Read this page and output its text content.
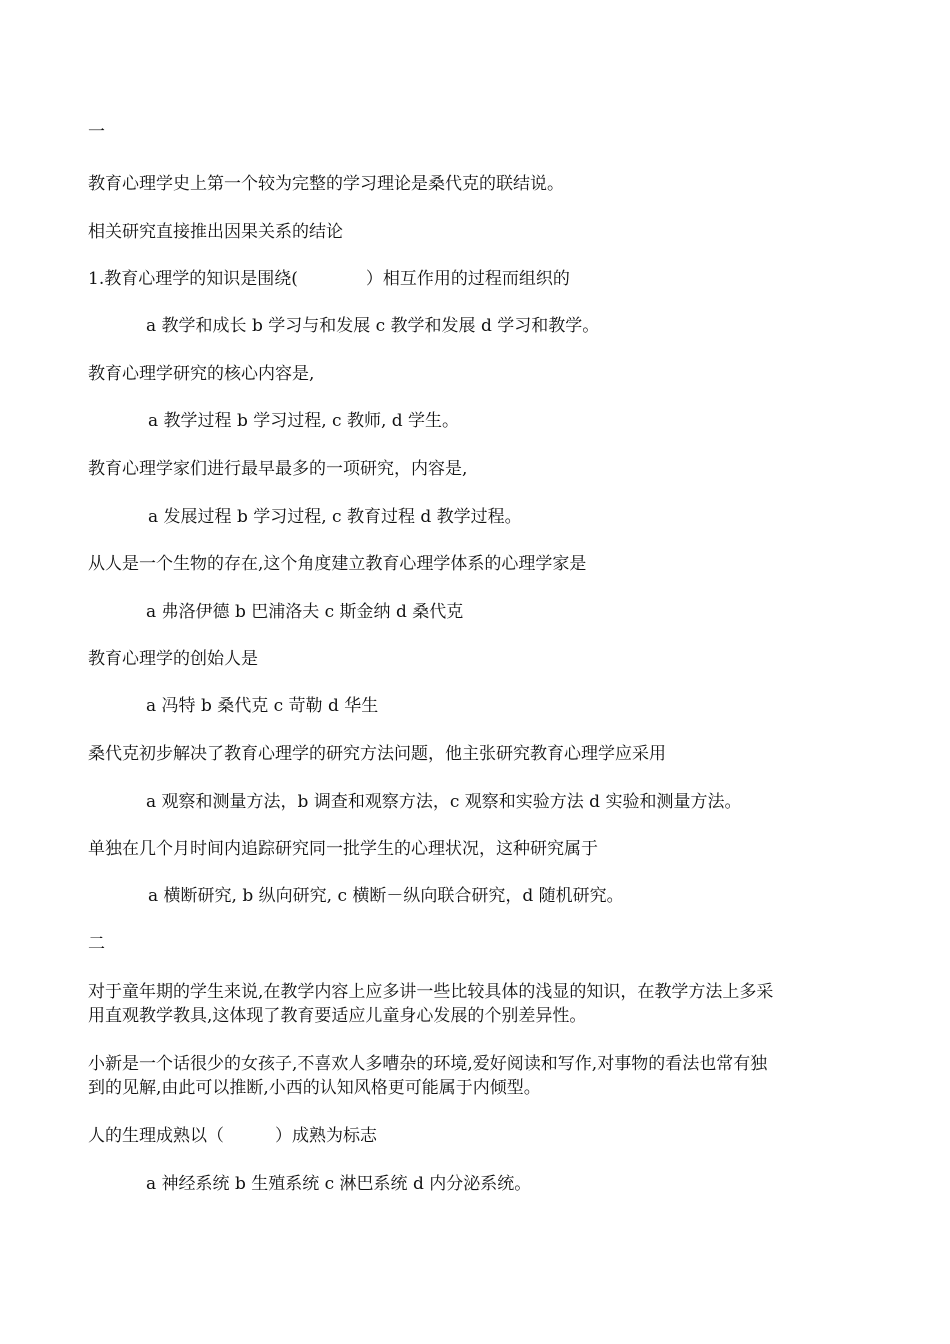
一
教育心理学史上第一个较为完整的学习理论是桑代克的联结说。
相关研究直接推出因果关系的结论
1.教育心理学的知识是围绕(　　　　）相互作用的过程而组织的
a 教学和成长 b 学习与和发展 c 教学和发展 d 学习和教学。
教育心理学研究的核心内容是,
a 教学过程 b 学习过程, c 教师, d 学生。
教育心理学家们进行最早最多的一项研究，内容是,
a 发展过程 b 学习过程, c 教育过程 d 教学过程。
从人是一个生物的存在,这个角度建立教育心理学体系的心理学家是
a 弗洛伊德 b 巴浦洛夫 c 斯金纳 d 桑代克
教育心理学的创始人是
a 冯特 b 桑代克 c 苛勒 d 华生
桑代克初步解决了教育心理学的研究方法问题，他主张研究教育心理学应采用
a 观察和测量方法，b 调查和观察方法，c 观察和实验方法 d 实验和测量方法。
单独在几个月时间内追踪研究同一批学生的心理状况，这种研究属于
a 横断研究, b 纵向研究, c 横断－纵向联合研究，d 随机研究。
二
对于童年期的学生来说,在教学内容上应多讲一些比较具体的浅显的知识，在教学方法上多采
用直观教学教具,这体现了教育要适应儿童身心发展的个别差异性。
小新是一个话很少的女孩子,不喜欢人多嘈杂的环境,爱好阅读和写作,对事物的看法也常有独
到的见解,由此可以推断,小西的认知风格更可能属于内倾型。
人的生理成熟以（　　　）成熟为标志
a 神经系统 b 生殖系统 c 淋巴系统 d 内分泌系统。
